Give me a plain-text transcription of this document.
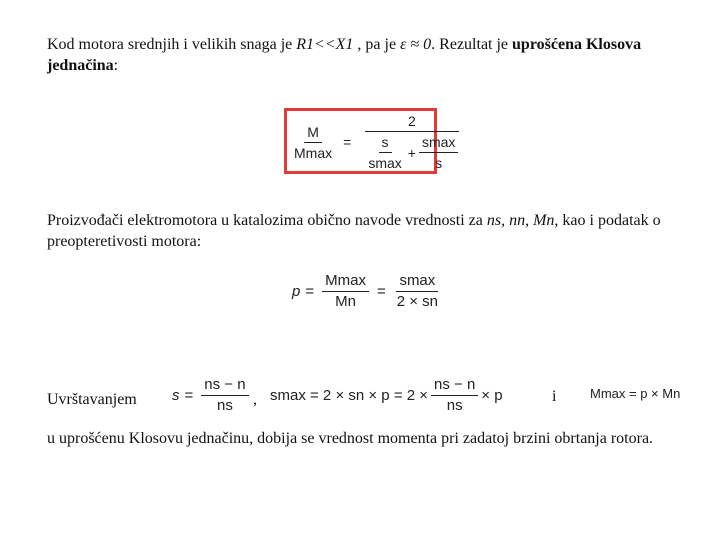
Kod motora srednjih i velikih snaga je R1<<X1 , pa je ε ≈ 0. Rezultat je uprošćena Klosova jednačina:

$\frac{M}{Mmax} = \frac{2}{\frac{s}{smax} + \frac{smax}{s}}$

Proizvođači elektromotora u katalozima obično navode vrednosti za ns, nn, Mn, kao i podatak o preopteretivosti motora:

$p = \frac{Mmax}{Mn} = \frac{smax}{2 \times sn}$
Uvrštavanjem $s = \frac{ns - n}{ns}$ , smax = 2 × sn × $p = 2 \times \frac{ns - n}{ns} \times p$	i	Mmax = p × Mn

u uprošćenu Klosovu jednačinu, dobija se vrednost momenta pri zadatoj brzini obrtanja rotora.
